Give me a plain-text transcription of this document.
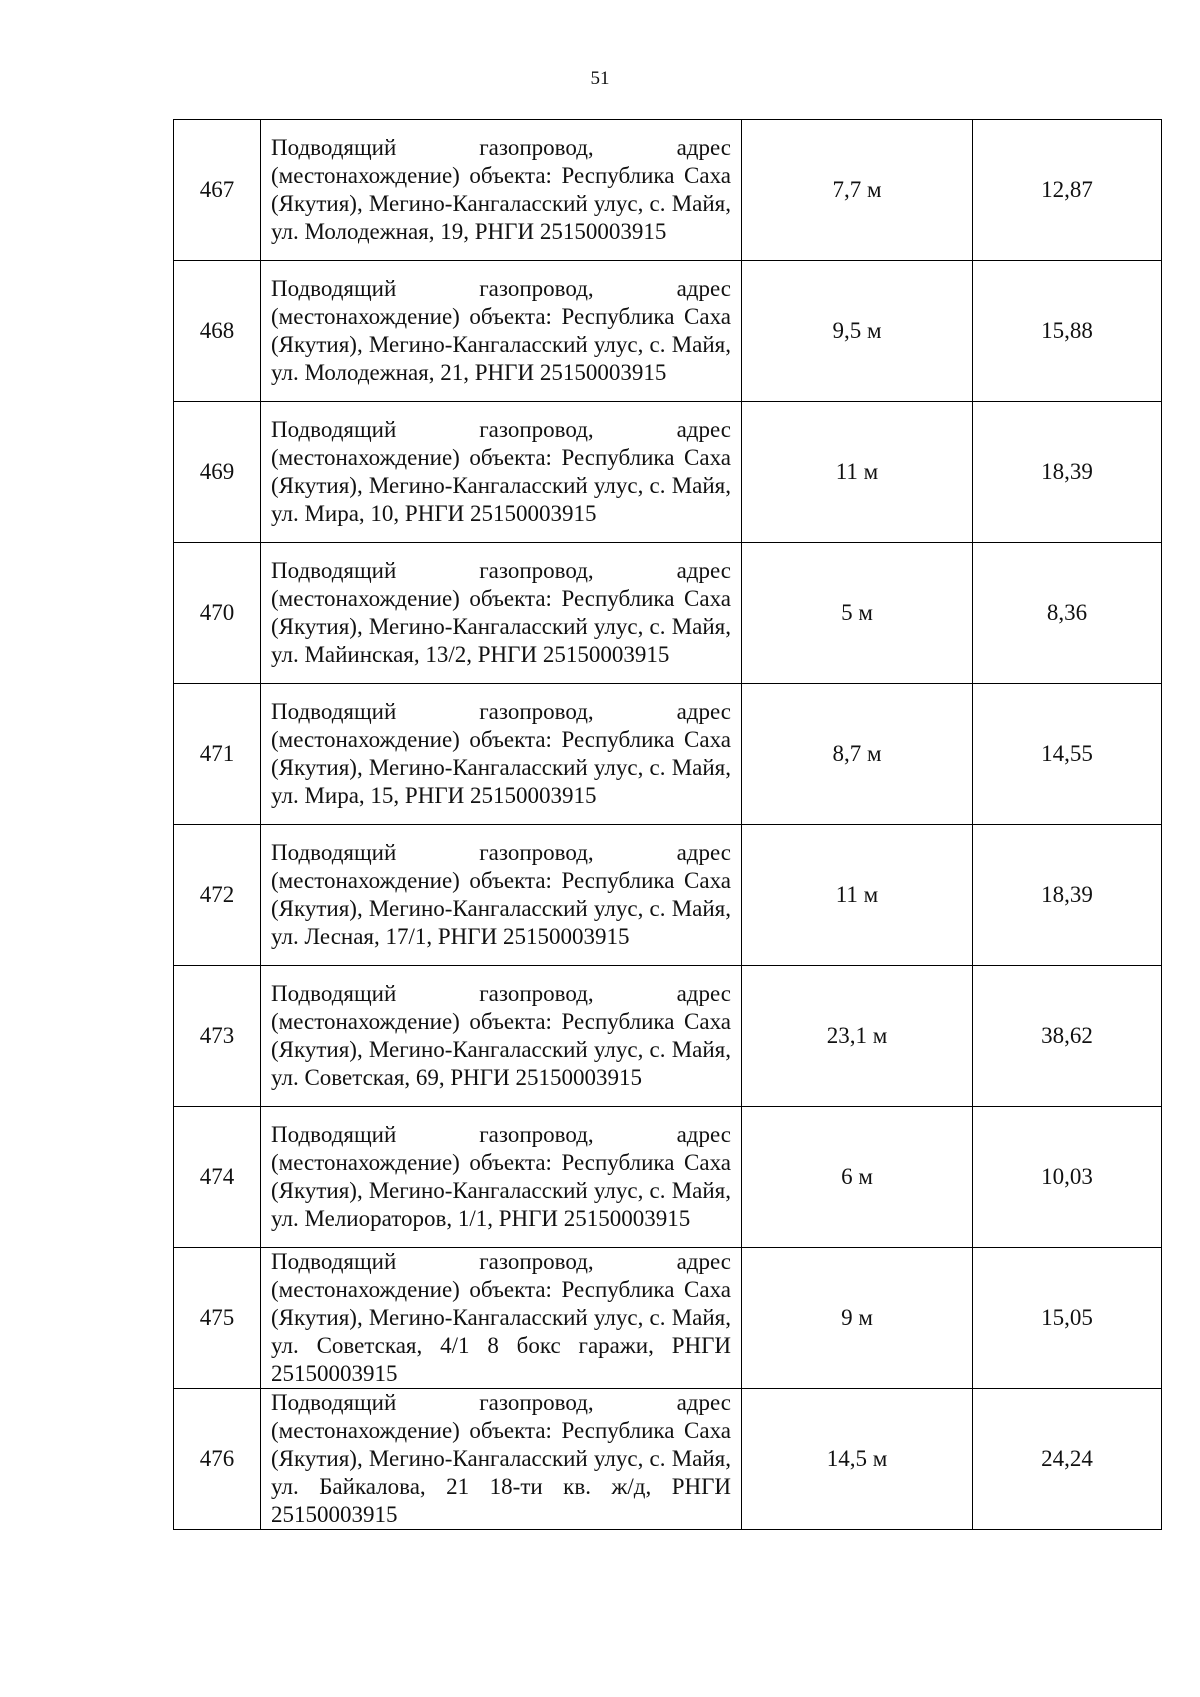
51
467	Подводящий газопровод, адрес (местонахождение) объекта: Республика Саха (Якутия), Мегино-Кангаласский улус, с. Майя, ул. Молодежная, 19, РНГИ 25150003915	7,7 м	12,87
468	Подводящий газопровод, адрес (местонахождение) объекта: Республика Саха (Якутия), Мегино-Кангаласский улус, с. Майя, ул. Молодежная, 21, РНГИ 25150003915	9,5 м	15,88
469	Подводящий газопровод, адрес (местонахождение) объекта: Республика Саха (Якутия), Мегино-Кангаласский улус, с. Майя, ул. Мира, 10, РНГИ 25150003915	11 м	18,39
470	Подводящий газопровод, адрес (местонахождение) объекта: Республика Саха (Якутия), Мегино-Кангаласский улус, с. Майя, ул. Майинская, 13/2, РНГИ 25150003915	5 м	8,36
471	Подводящий газопровод, адрес (местонахождение) объекта: Республика Саха (Якутия), Мегино-Кангаласский улус, с. Майя, ул. Мира, 15, РНГИ 25150003915	8,7 м	14,55
472	Подводящий газопровод, адрес (местонахождение) объекта: Республика Саха (Якутия), Мегино-Кангаласский улус, с. Майя, ул. Лесная, 17/1, РНГИ 25150003915	11 м	18,39
473	Подводящий газопровод, адрес (местонахождение) объекта: Республика Саха (Якутия), Мегино-Кангаласский улус, с. Майя, ул. Советская, 69, РНГИ 25150003915	23,1 м	38,62
474	Подводящий газопровод, адрес (местонахождение) объекта: Республика Саха (Якутия), Мегино-Кангаласский улус, с. Майя, ул. Мелиораторов, 1/1, РНГИ 25150003915	6 м	10,03
475	Подводящий газопровод, адрес (местонахождение) объекта: Республика Саха (Якутия), Мегино-Кангаласский улус, с. Майя, ул. Советская, 4/1 8 бокс гаражи, РНГИ 25150003915	9 м	15,05
476	Подводящий газопровод, адрес (местонахождение) объекта: Республика Саха (Якутия), Мегино-Кангаласский улус, с. Майя, ул. Байкалова, 21 18-ти кв. ж/д, РНГИ 25150003915	14,5 м	24,24
